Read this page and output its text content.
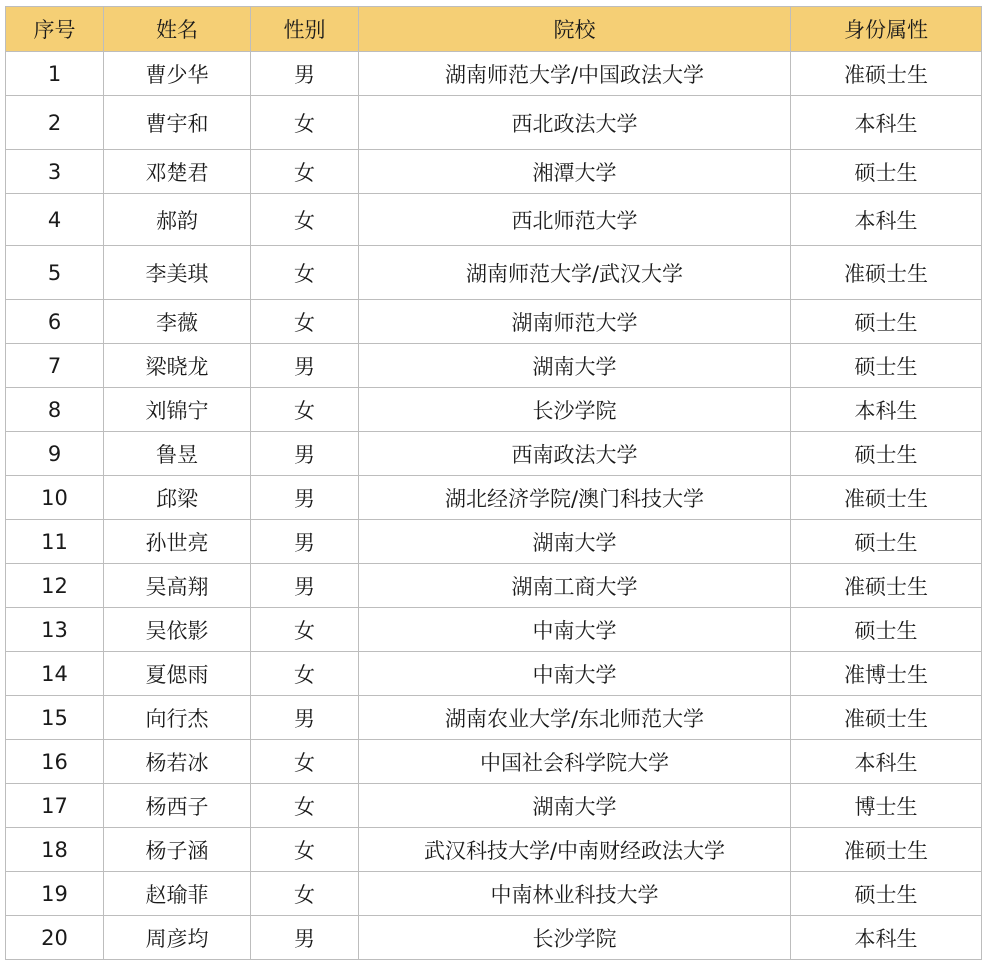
序号	姓名	性别	院校	身份属性
1	曹少华	男	湖南师范大学/中国政法大学	准硕士生
2	曹宇和	女	西北政法大学	本科生
3	邓楚君	女	湘潭大学	硕士生
4	郝韵	女	西北师范大学	本科生
5	李美琪	女	湖南师范大学/武汉大学	准硕士生
6	李薇	女	湖南师范大学	硕士生
7	梁晓龙	男	湖南大学	硕士生
8	刘锦宁	女	长沙学院	本科生
9	鲁昱	男	西南政法大学	硕士生
10	邱梁	男	湖北经济学院/澳门科技大学	准硕士生
11	孙世亮	男	湖南大学	硕士生
12	吴高翔	男	湖南工商大学	准硕士生
13	吴依影	女	中南大学	硕士生
14	夏偲雨	女	中南大学	准博士生
15	向行杰	男	湖南农业大学/东北师范大学	准硕士生
16	杨若冰	女	中国社会科学院大学	本科生
17	杨西子	女	湖南大学	博士生
18	杨子涵	女	武汉科技大学/中南财经政法大学	准硕士生
19	赵瑜菲	女	中南林业科技大学	硕士生
20	周彦均	男	长沙学院	本科生
